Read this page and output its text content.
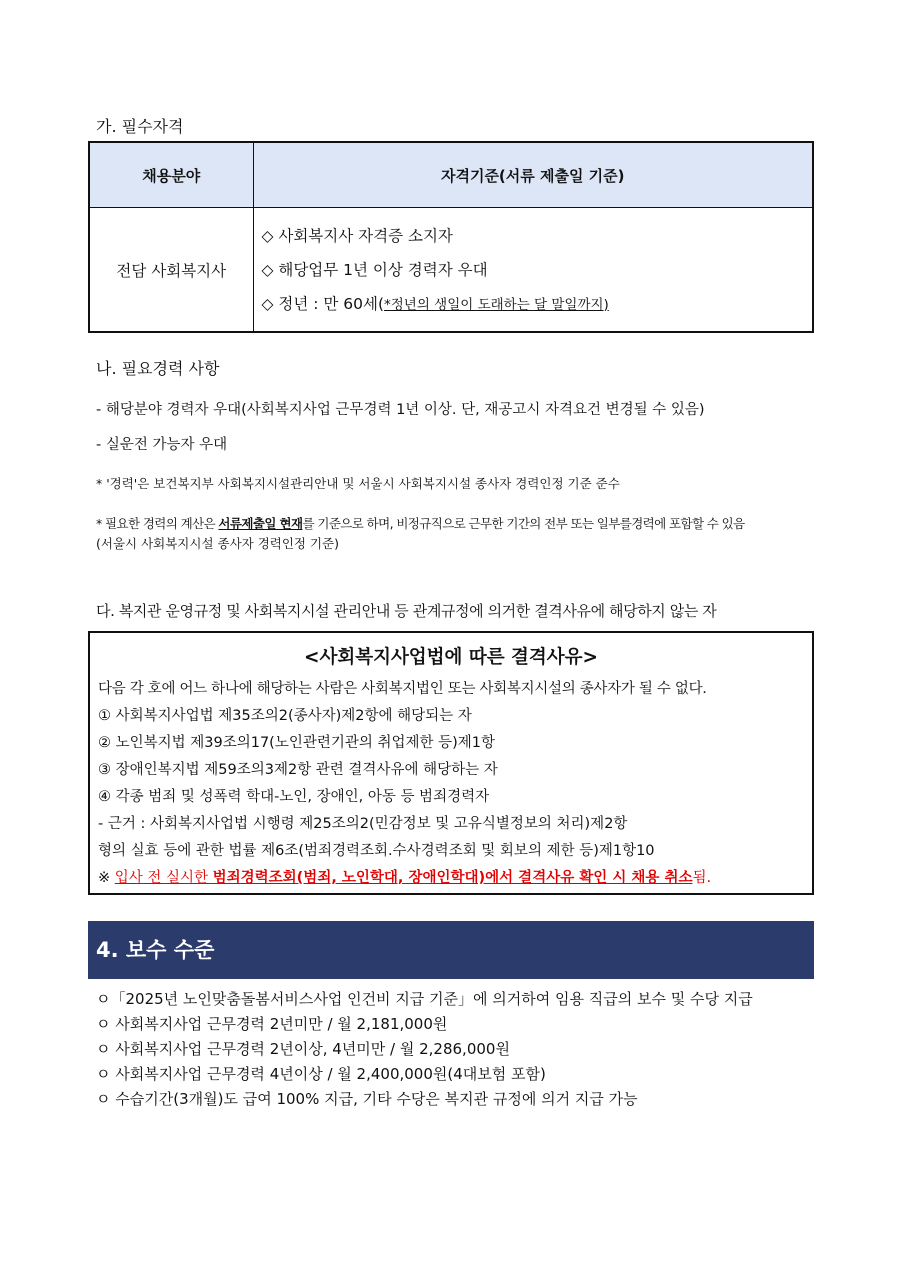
가. 필수자격
채용분야	자격기준(서류 제출일 기준)
전담 사회복지사	◇ 사회복지사 자격증 소지자
◇ 해당업무 1년 이상 경력자 우대
◇ 정년 : 만 60세(*정년의 생일이 도래하는 달 말일까지)
나. 필요경력 사항
- 해당분야 경력자 우대(사회복지사업 근무경력 1년 이상. 단, 재공고시 자격요건 변경될 수 있음)
- 실운전 가능자 우대
* '경력'은 보건복지부 사회복지시설관리안내 및 서울시 사회복지시설 종사자 경력인정 기준 준수
* 필요한 경력의 계산은 서류제출일 현재를 기준으로 하며, 비정규직으로 근무한 기간의 전부 또는 일부를경력에 포함할 수 있음
(서울시 사회복지시설 종사자 경력인정 기준)
다. 복지관 운영규정 및 사회복지시설 관리안내 등 관계규정에 의거한 결격사유에 해당하지 않는 자
<사회복지사업법에 따른 결격사유>
다음 각 호에 어느 하나에 해당하는 사람은 사회복지법인 또는 사회복지시설의 종사자가 될 수 없다.
① 사회복지사업법 제35조의2(종사자)제2항에 해당되는 자
② 노인복지법 제39조의17(노인관련기관의 취업제한 등)제1항
③ 장애인복지법 제59조의3제2항 관련 결격사유에 해당하는 자
④ 각종 범죄 및 성폭력 학대-노인, 장애인, 아동 등 범죄경력자
- 근거 : 사회복지사업법 시행령 제25조의2(민감정보 및 고유식별정보의 처리)제2항
형의 실효 등에 관한 법률 제6조(범죄경력조회.수사경력조회 및 회보의 제한 등)제1항10
※ 입사 전 실시한 범죄경력조회(범죄, 노인학대, 장애인학대)에서 결격사유 확인 시 채용 취소됨.
4. 보수 수준
ㅇ「2025년 노인맞춤돌봄서비스사업 인건비 지급 기준」에 의거하여 임용 직급의 보수 및 수당 지급
ㅇ 사회복지사업 근무경력 2년미만 / 월 2,181,000원
ㅇ 사회복지사업 근무경력 2년이상, 4년미만 / 월 2,286,000원
ㅇ 사회복지사업 근무경력 4년이상 / 월 2,400,000원(4대보험 포함)
ㅇ 수습기간(3개월)도 급여 100% 지급, 기타 수당은 복지관 규정에 의거 지급 가능
